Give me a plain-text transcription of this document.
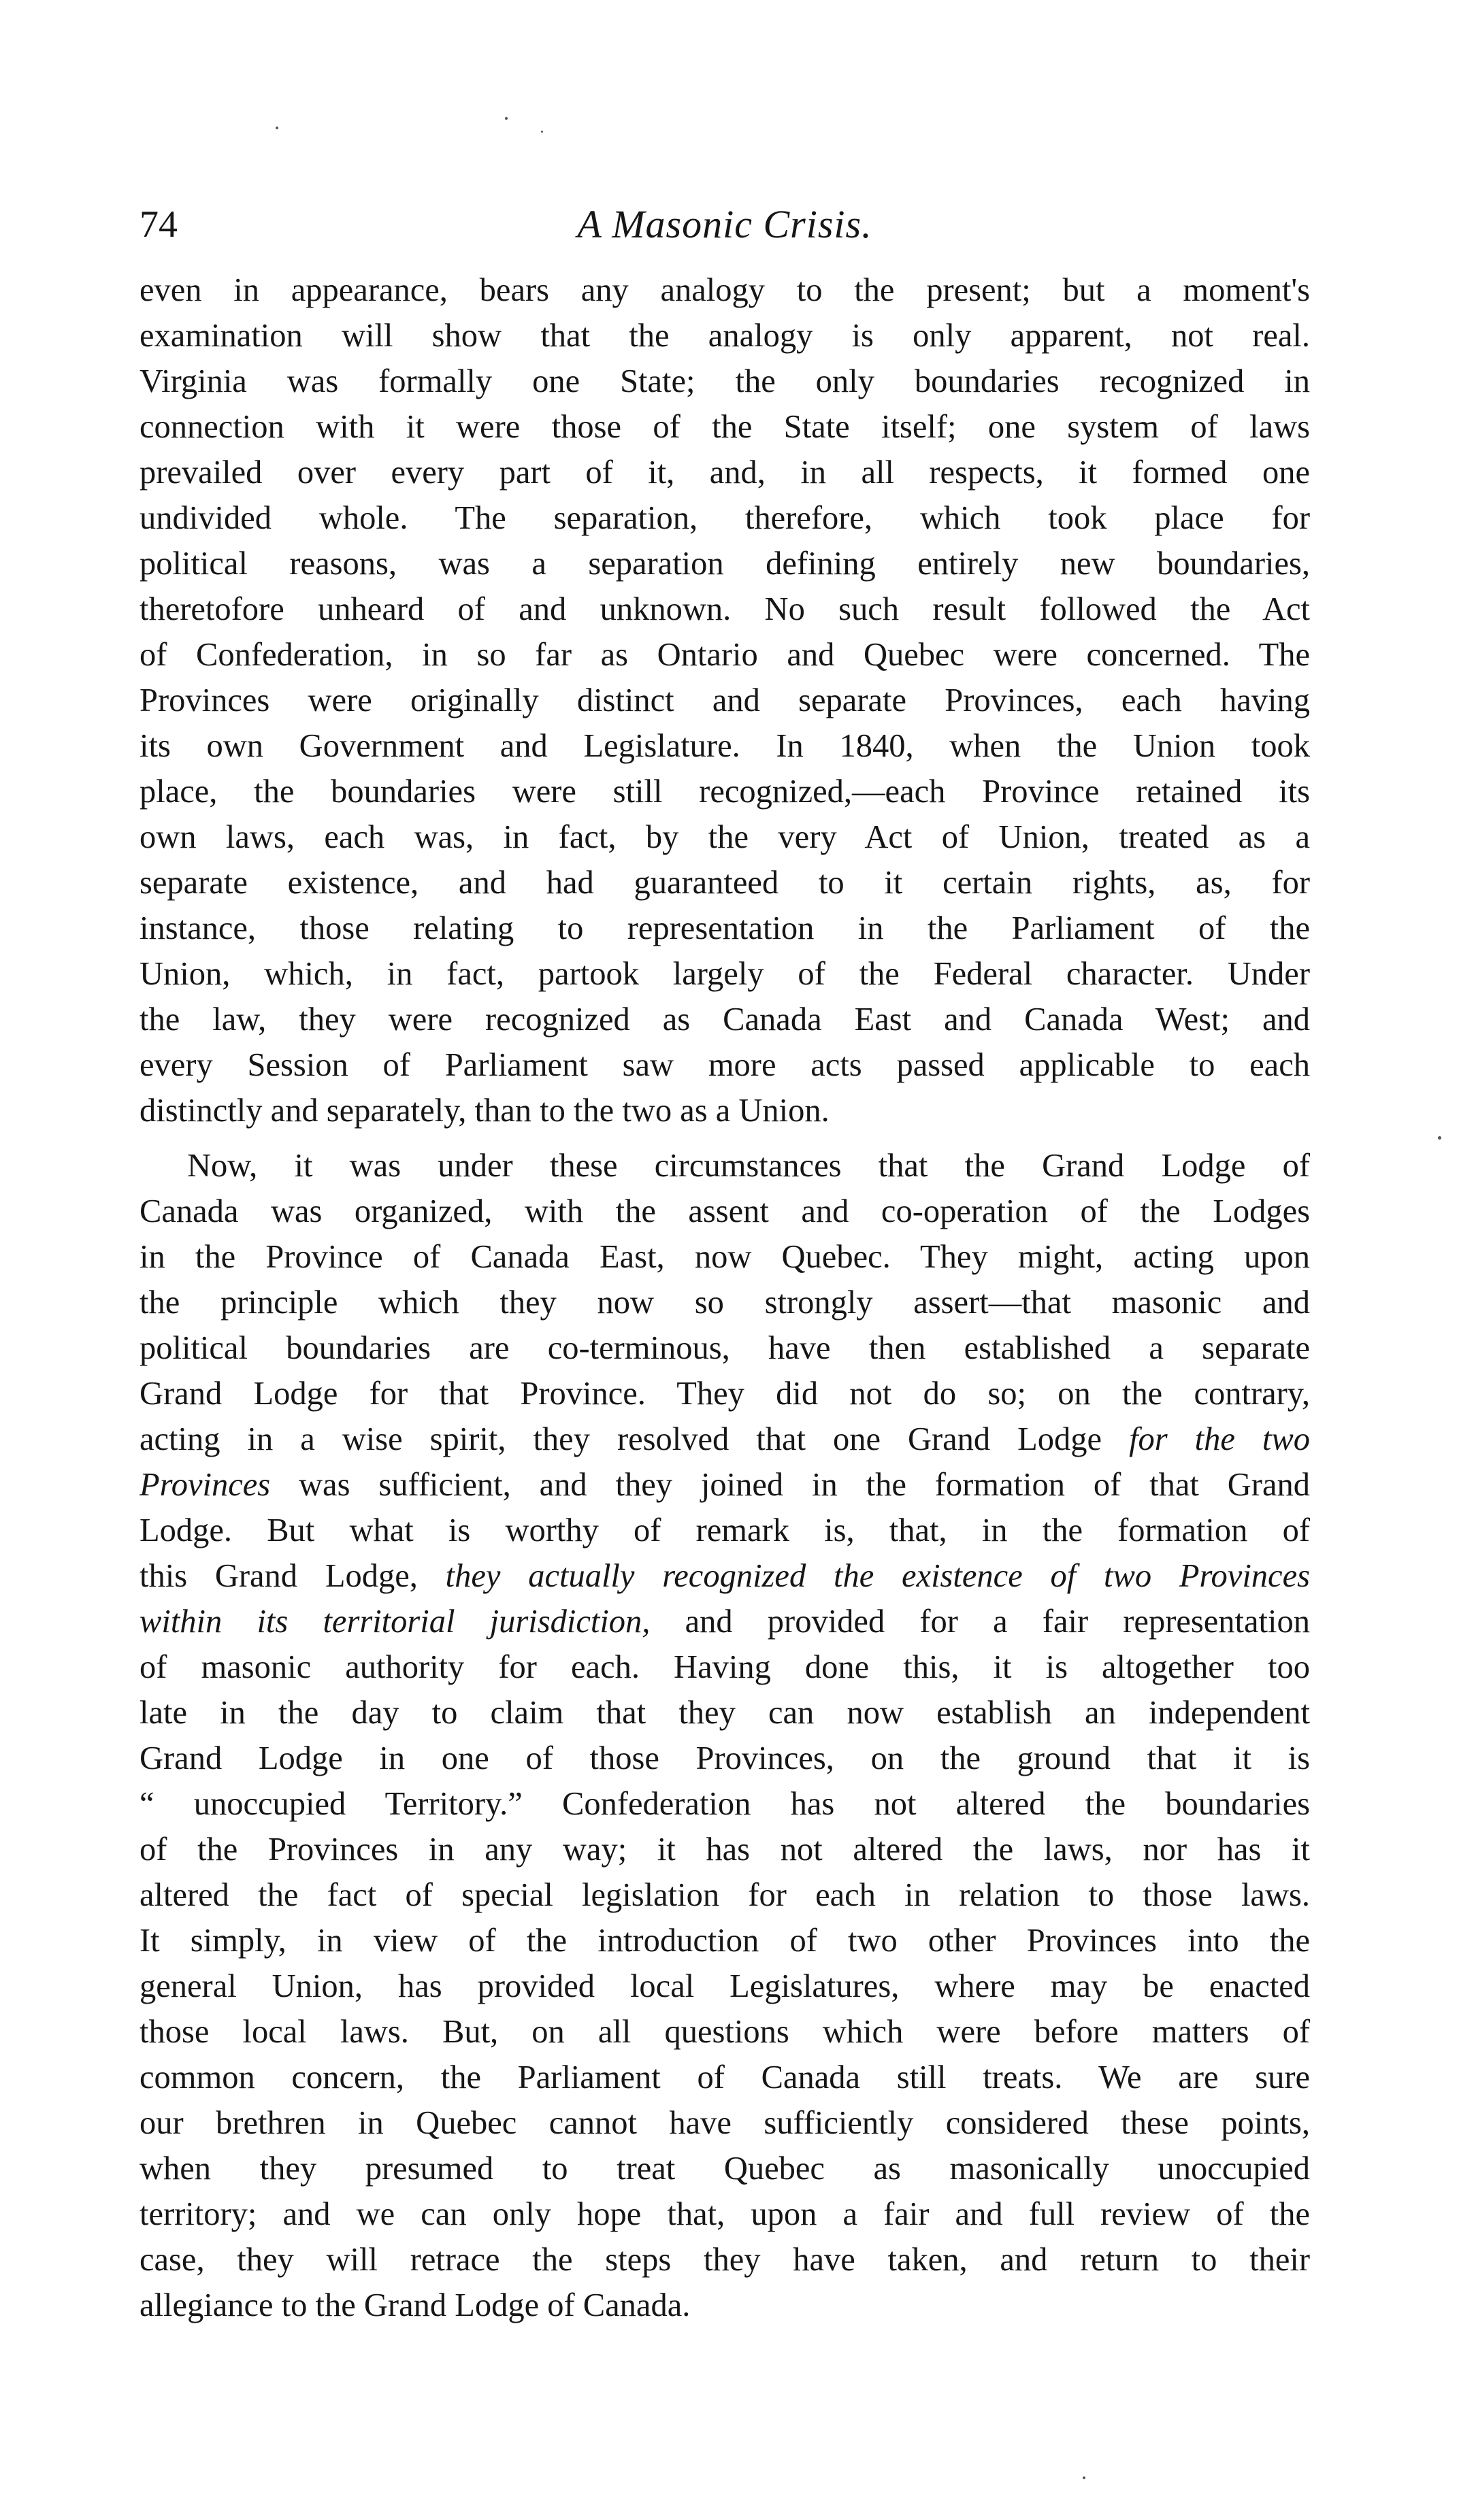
74	A Masonic Crisis.

even in appearance, bears any analogy to the present; but a moment's
examination will show that the analogy is only apparent, not real.
Virginia was formally one State; the only boundaries recognized in
connection with it were those of the State itself; one system of laws
prevailed over every part of it, and, in all respects, it formed one
undivided whole. The separation, therefore, which took place for
political reasons, was a separation defining entirely new boundaries,
theretofore unheard of and unknown. No such result followed the Act
of Confederation, in so far as Ontario and Quebec were concerned. The
Provinces were originally distinct and separate Provinces, each having
its own Government and Legislature. In 1840, when the Union took
place, the boundaries were still recognized,—each Province retained its
own laws, each was, in fact, by the very Act of Union, treated as a
separate existence, and had guaranteed to it certain rights, as, for
instance, those relating to representation in the Parliament of the
Union, which, in fact, partook largely of the Federal character. Under
the law, they were recognized as Canada East and Canada West; and
every Session of Parliament saw more acts passed applicable to each
distinctly and separately, than to the two as a Union.

Now, it was under these circumstances that the Grand Lodge of
Canada was organized, with the assent and co-operation of the Lodges
in the Province of Canada East, now Quebec. They might, acting upon
the principle which they now so strongly assert—that masonic and
political boundaries are co-terminous, have then established a separate
Grand Lodge for that Province. They did not do so; on the contrary,
acting in a wise spirit, they resolved that one Grand Lodge for the two
Provinces was sufficient, and they joined in the formation of that Grand
Lodge. But what is worthy of remark is, that, in the formation of
this Grand Lodge, they actually recognized the existence of two Provinces
within its territorial jurisdiction, and provided for a fair representation
of masonic authority for each. Having done this, it is altogether too
late in the day to claim that they can now establish an independent
Grand Lodge in one of those Provinces, on the ground that it is
“ unoccupied Territory.” Confederation has not altered the boundaries
of the Provinces in any way; it has not altered the laws, nor has it
altered the fact of special legislation for each in relation to those laws.
It simply, in view of the introduction of two other Provinces into the
general Union, has provided local Legislatures, where may be enacted
those local laws. But, on all questions which were before matters of
common concern, the Parliament of Canada still treats. We are sure
our brethren in Quebec cannot have sufficiently considered these points,
when they presumed to treat Quebec as masonically unoccupied
territory; and we can only hope that, upon a fair and full review of the
case, they will retrace the steps they have taken, and return to their
allegiance to the Grand Lodge of Canada.
